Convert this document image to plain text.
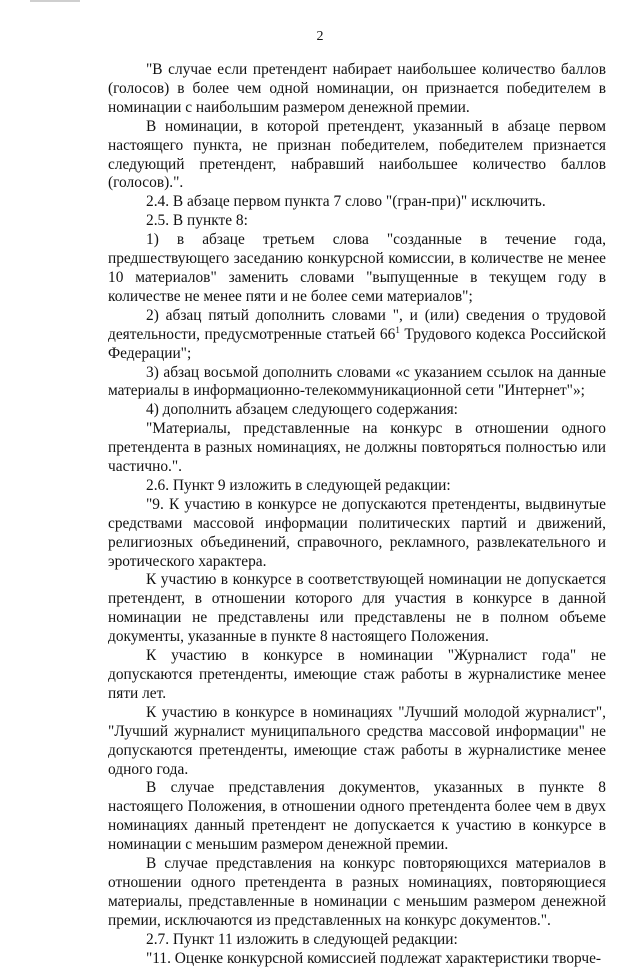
2

"В случае если претендент набирает наибольшее количество баллов (голосов) в более чем одной номинации, он признается победителем в номинации с наибольшим размером денежной премии.

В номинации, в которой претендент, указанный в абзаце первом настоящего пункта, не признан победителем, победителем признается следующий претендент, набравший наибольшее количество баллов (голосов).".

2.4. В абзаце первом пункта 7 слово "(гран-при)" исключить.

2.5. В пункте 8:

1) в абзаце третьем слова "созданные в течение года, предшествующего заседанию конкурсной комиссии, в количестве не менее 10 материалов" заменить словами "выпущенные в текущем году в количестве не менее пяти и не более семи материалов";

2) абзац пятый дополнить словами ", и (или) сведения о трудовой деятельности, предусмотренные статьей $66^1$ Трудового кодекса Российской Федерации";

3) абзац восьмой дополнить словами «с указанием ссылок на данные материалы в информационно-телекоммуникационной сети "Интернет"»;

4) дополнить абзацем следующего содержания:

"Материалы, представленные на конкурс в отношении одного претендента в разных номинациях, не должны повторяться полностью или частично.".

2.6. Пункт 9 изложить в следующей редакции:

"9. К участию в конкурсе не допускаются претенденты, выдвинутые средствами массовой информации политических партий и движений, религиозных объединений, справочного, рекламного, развлекательного и эротического характера.

К участию в конкурсе в соответствующей номинации не допускается претендент, в отношении которого для участия в конкурсе в данной номинации не представлены или представлены не в полном объеме документы, указанные в пункте 8 настоящего Положения.

К участию в конкурсе в номинации "Журналист года" не допускаются претенденты, имеющие стаж работы в журналистике менее пяти лет.

К участию в конкурсе в номинациях "Лучший молодой журналист", "Лучший журналист муниципального средства массовой информации" не допускаются претенденты, имеющие стаж работы в журналистике менее одного года.

В случае представления документов, указанных в пункте 8 настоящего Положения, в отношении одного претендента более чем в двух номинациях данный претендент не допускается к участию в конкурсе в номинации с меньшим размером денежной премии.

В случае представления на конкурс повторяющихся материалов в отношении одного претендента в разных номинациях, повторяющиеся материалы, представленные в номинации с меньшим размером денежной премии, исключаются из представленных на конкурс документов.".

2.7. Пункт 11 изложить в следующей редакции:

"11. Оценке конкурсной комиссией подлежат характеристики творче-
